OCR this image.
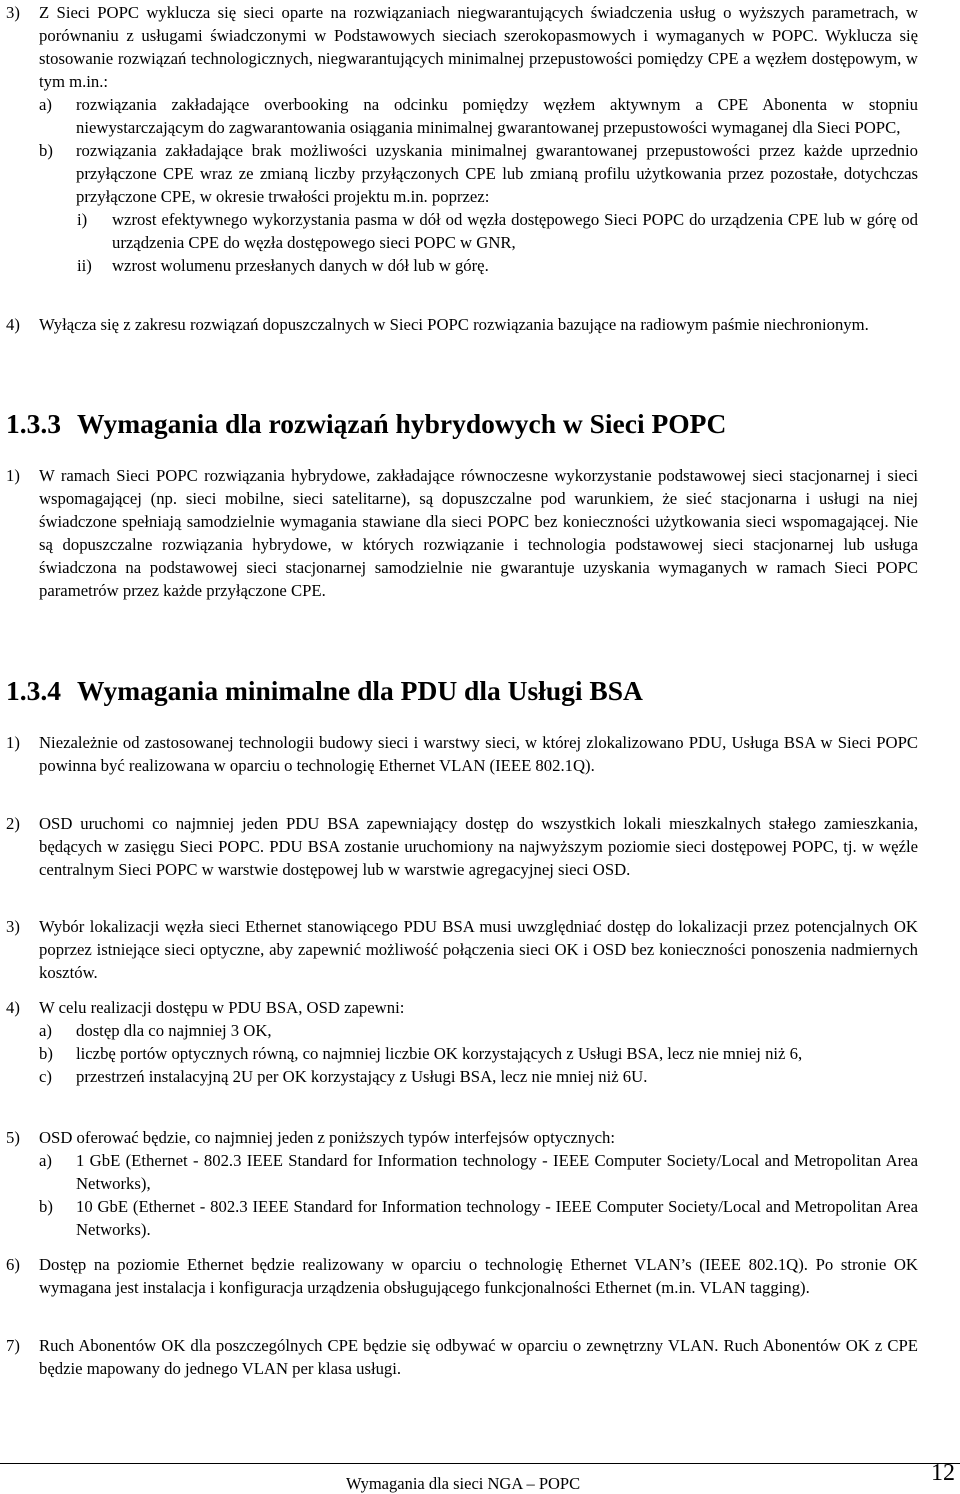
3) Z Sieci POPC wyklucza się sieci oparte na rozwiązaniach niegwarantujących świadczenia usług o wyższych parametrach, w porównaniu z usługami świadczonymi w Podstawowych sieciach szerokopasmowych i wymaganych w POPC. Wyklucza się stosowanie rozwiązań technologicznych, niegwarantujących minimalnej przepustowości pomiędzy CPE a węzłem dostępowym, w tym m.in.:
a) rozwiązania zakładające overbooking na odcinku pomiędzy węzłem aktywnym a CPE Abonenta w stopniu niewystarczającym do zagwarantowania osiągania minimalnej gwarantowanej przepustowości wymaganej dla Sieci POPC,
b) rozwiązania zakładające brak możliwości uzyskania minimalnej gwarantowanej przepustowości przez każde uprzednio przyłączone CPE wraz ze zmianą liczby przyłączonych CPE lub zmianą profilu użytkowania przez pozostałe, dotychczas przyłączone CPE, w okresie trwałości projektu m.in. poprzez:
i) wzrost efektywnego wykorzystania pasma w dół od węzła dostępowego Sieci POPC do urządzenia CPE lub w górę od urządzenia CPE do węzła dostępowego sieci POPC w GNR,
ii) wzrost wolumenu przesłanych danych w dół lub w górę.
4) Wyłącza się z zakresu rozwiązań dopuszczalnych w Sieci POPC rozwiązania bazujące na radiowym paśmie niechronionym.
1.3.3 Wymagania dla rozwiązań hybrydowych w Sieci POPC
1) W ramach Sieci POPC rozwiązania hybrydowe, zakładające równoczesne wykorzystanie podstawowej sieci stacjonarnej i sieci wspomagającej (np. sieci mobilne, sieci satelitarne), są dopuszczalne pod warunkiem, że sieć stacjonarna i usługi na niej świadczone spełniają samodzielnie wymagania stawiane dla sieci POPC bez konieczności użytkowania sieci wspomagającej. Nie są dopuszczalne rozwiązania hybrydowe, w których rozwiązanie i technologia podstawowej sieci stacjonarnej lub usługa świadczona na podstawowej sieci stacjonarnej samodzielnie nie gwarantuje uzyskania wymaganych w ramach Sieci POPC parametrów przez każde przyłączone CPE.
1.3.4 Wymagania minimalne dla PDU dla Usługi BSA
1) Niezależnie od zastosowanej technologii budowy sieci i warstwy sieci, w której zlokalizowano PDU, Usługa BSA w Sieci POPC powinna być realizowana w oparciu o technologię Ethernet VLAN (IEEE 802.1Q).
2) OSD uruchomi co najmniej jeden PDU BSA zapewniający dostęp do wszystkich lokali mieszkalnych stałego zamieszkania, będących w zasięgu Sieci POPC. PDU BSA zostanie uruchomiony na najwyższym poziomie sieci dostępowej POPC, tj. w węźle centralnym Sieci POPC w warstwie dostępowej lub w warstwie agregacyjnej sieci OSD.
3) Wybór lokalizacji węzła sieci Ethernet stanowiącego PDU BSA musi uwzględniać dostęp do lokalizacji przez potencjalnych OK poprzez istniejące sieci optyczne, aby zapewnić możliwość połączenia sieci OK i OSD bez konieczności ponoszenia nadmiernych kosztów.
4) W celu realizacji dostępu w PDU BSA, OSD zapewni:
a) dostęp dla co najmniej 3 OK,
b) liczbę portów optycznych równą, co najmniej liczbie OK korzystających z Usługi BSA, lecz nie mniej niż 6,
c) przestrzeń instalacyjną 2U per OK korzystający z Usługi BSA, lecz nie mniej niż 6U.
5) OSD oferować będzie, co najmniej jeden z poniższych typów interfejsów optycznych:
a) 1 GbE (Ethernet - 802.3 IEEE Standard for Information technology - IEEE Computer Society/Local and Metropolitan Area Networks),
b) 10 GbE (Ethernet - 802.3 IEEE Standard for Information technology - IEEE Computer Society/Local and Metropolitan Area Networks).
6) Dostęp na poziomie Ethernet będzie realizowany w oparciu o technologię Ethernet VLAN’s (IEEE 802.1Q). Po stronie OK wymagana jest instalacja i konfiguracja urządzenia obsługującego funkcjonalności Ethernet (m.in. VLAN tagging).
7) Ruch Abonentów OK dla poszczególnych CPE będzie się odbywać w oparciu o zewnętrzny VLAN. Ruch Abonentów OK z CPE będzie mapowany do jednego VLAN per klasa usługi.
Wymagania dla sieci NGA – POPC	12
